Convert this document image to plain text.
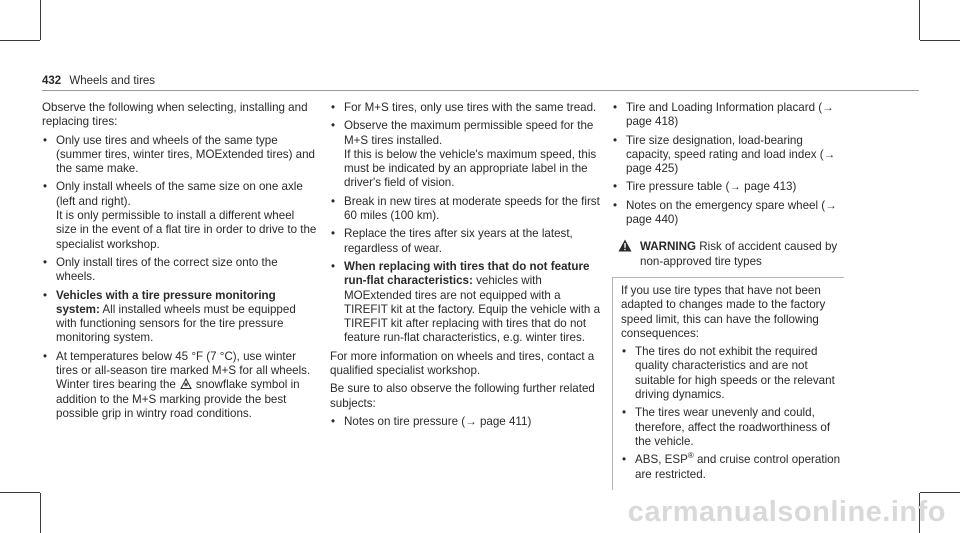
432 Wheels and tires

Observe the following when selecting, installing and replacing tires:

• Only use tires and wheels of the same type (summer tires, winter tires, MOExtended tires) and the same make.

• Only install wheels of the same size on one axle (left and right).

It is only permissible to install a different wheel size in the event of a flat tire in order to drive to the specialist workshop.

• Only install tires of the correct size onto the wheels.
• Vehicles with a tire pressure monitoring system: All installed wheels must be equipped with functioning sensors for the tire pressure monitoring system.

• At temperatures below 45 °F (7 °C), use winter tires or all-season tire marked M+S for all wheels.

Winter tires bearing the snowflake symbol in addition to the M+S marking provide the best possible grip in wintry road conditions.

• For M+S tires, only use tires with the same tread.

• Observe the maximum permissible speed for the M+S tires installed.

If this is below the vehicle's maximum speed, this must be indicated by an appropriate label in the driver's field of vision.

• Break in new tires at moderate speeds for the first 60 miles (100 km).
• Replace the tires after six years at the latest, regardless of wear.
• When replacing with tires that do not feature run-flat characteristics: vehicles with MOExtended tires are not equipped with a TIREFIT kit at the factory. Equip the vehicle with a TIREFIT kit after replacing with tires that do not feature run-flat characteristics, e.g. winter tires.

For more information on wheels and tires, contact a qualified specialist workshop.

Be sure to also observe the following further related subjects:

• Notes on tire pressure (→ page 411)
• Tire and Loading Information placard (→ page 418)
• Tire size designation, load-bearing capacity, speed rating and load index (→ page 425)
• Tire pressure table (→ page 413)
• Notes on the emergency spare wheel (→ page 440)
WARNING Risk of accident caused by non-approved tire types

If you use tire types that have not been adapted to changes made to the factory speed limit, this can have the following consequences:

• The tires do not exhibit the required quality characteristics and are not suitable for high speeds or the relevant driving dynamics.
• The tires wear unevenly and could, therefore, affect the roadworthiness of the vehicle.
• ABS, ESP® and cruise control operation are restricted.
carmanualsonline.info
